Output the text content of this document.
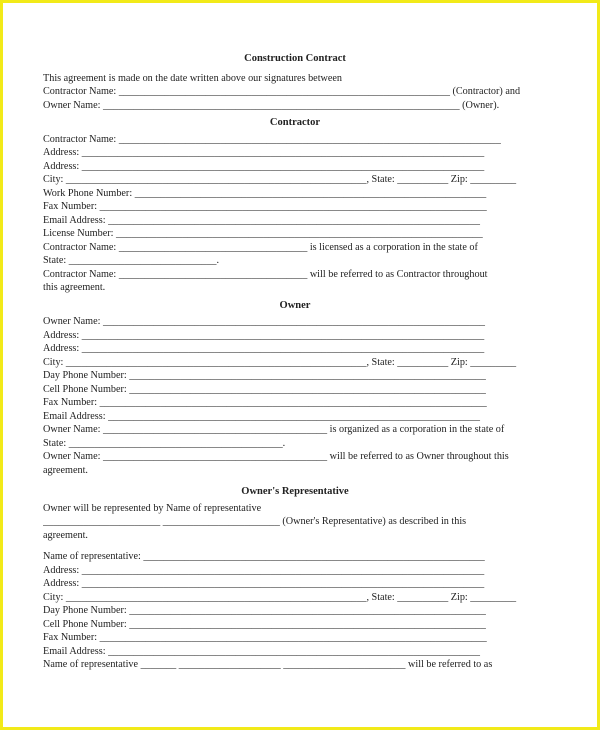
Construction Contract
This agreement is made on the date written above our signatures between
Contractor Name: _________________________________________________________________ (Contractor) and
Owner Name: ______________________________________________________________________ (Owner).
Contractor
Contractor Name: ___________________________________________________________________________
Address: _______________________________________________________________________________
Address: _______________________________________________________________________________
City: ___________________________________________________________, State: __________ Zip: _________
Work Phone Number: _____________________________________________________________________
Fax Number: ____________________________________________________________________________
Email Address: _________________________________________________________________________
License Number: ________________________________________________________________________
Contractor Name: _____________________________________ is licensed as a corporation in the state of
State: _____________________________.
Contractor Name: _____________________________________ will be referred to as Contractor throughout
this agreement.
Owner
Owner Name: ___________________________________________________________________________
Address: _______________________________________________________________________________
Address: _______________________________________________________________________________
City: ___________________________________________________________, State: __________ Zip: _________
Day Phone Number: ______________________________________________________________________
Cell Phone Number: ______________________________________________________________________
Fax Number: ____________________________________________________________________________
Email Address: _________________________________________________________________________
Owner Name: ____________________________________________ is organized as a corporation in the state of
State: __________________________________________.
Owner Name: ____________________________________________ will be referred to as Owner throughout this
agreement.
Owner's Representative
Owner will be represented by Name of representative
_______________________ _______________________ (Owner's Representative) as described in this
agreement.
Name of representative: ___________________________________________________________________
Address: _______________________________________________________________________________
Address: _______________________________________________________________________________
City: ___________________________________________________________, State: __________ Zip: _________
Day Phone Number: ______________________________________________________________________
Cell Phone Number: ______________________________________________________________________
Fax Number: ____________________________________________________________________________
Email Address: _________________________________________________________________________
Name of representative _______ ____________________ ________________________ will be referred to as
